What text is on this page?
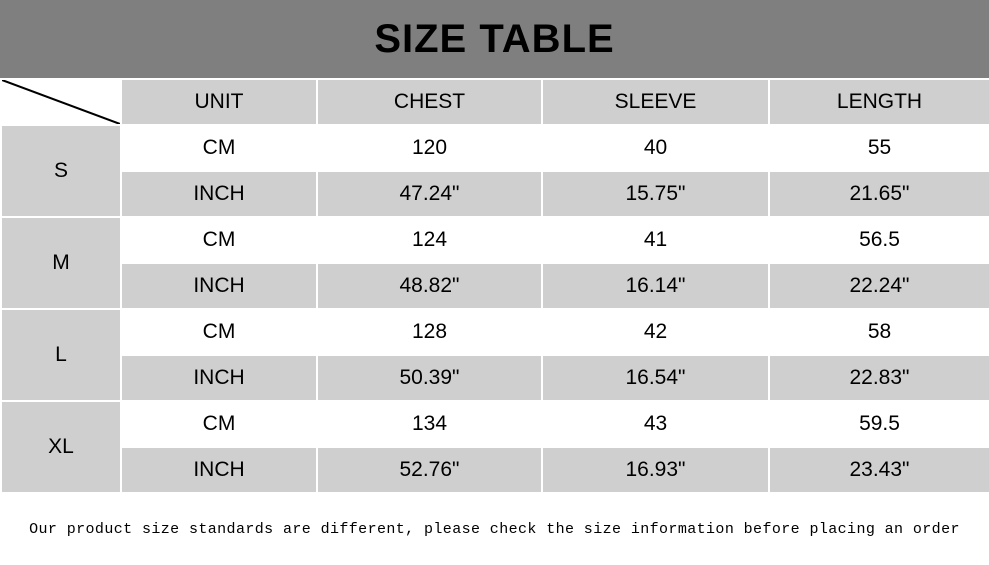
SIZE TABLE
	UNIT	CHEST	SLEEVE	LENGTH
S	CM	120	40	55
	INCH	47.24"	15.75"	21.65"
M	CM	124	41	56.5
	INCH	48.82"	16.14"	22.24"
L	CM	128	42	58
	INCH	50.39"	16.54"	22.83"
XL	CM	134	43	59.5
	INCH	52.76"	16.93"	23.43"
Our product size standards are different, please check the size information before placing an order
